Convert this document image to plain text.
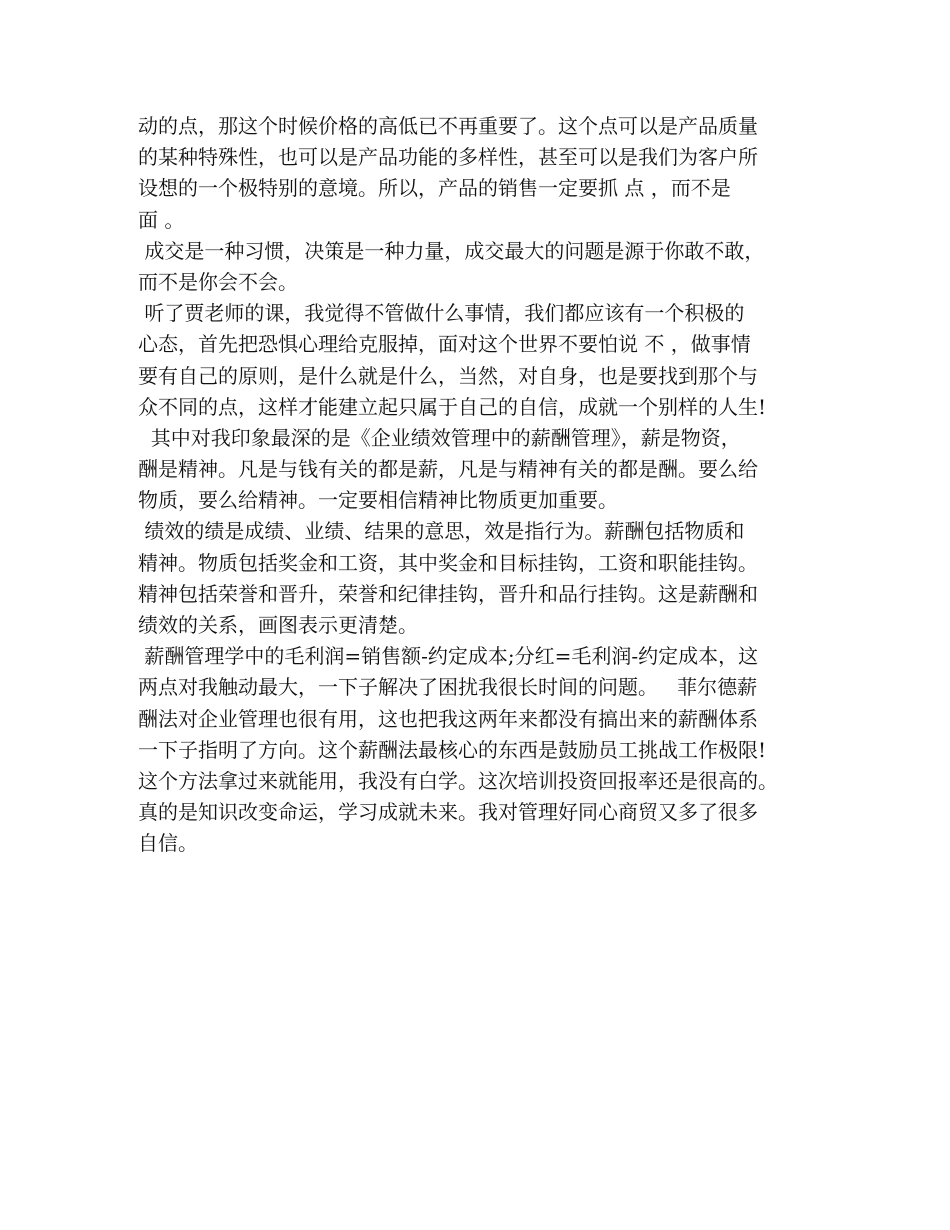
动的点，那这个时候价格的高低已不再重要了。这个点可以是产品质量
的某种特殊性，也可以是产品功能的多样性，甚至可以是我们为客户所
设想的一个极特别的意境。所以，产品的销售一定要抓 点 ，而不是
面 。
成交是一种习惯，决策是一种力量，成交最大的问题是源于你敢不敢，
而不是你会不会。
听了贾老师的课，我觉得不管做什么事情，我们都应该有一个积极的
心态，首先把恐惧心理给克服掉，面对这个世界不要怕说 不 ，做事情
要有自己的原则，是什么就是什么，当然，对自身，也是要找到那个与
众不同的点，这样才能建立起只属于自己的自信，成就一个别样的人生!
其中对我印象最深的是《企业绩效管理中的薪酬管理》，薪是物资，
酬是精神。凡是与钱有关的都是薪，凡是与精神有关的都是酬。要么给
物质，要么给精神。一定要相信精神比物质更加重要。
绩效的绩是成绩、业绩、结果的意思，效是指行为。薪酬包括物质和
精神。物质包括奖金和工资，其中奖金和目标挂钩，工资和职能挂钩。
精神包括荣誉和晋升，荣誉和纪律挂钩，晋升和品行挂钩。这是薪酬和
绩效的关系，画图表示更清楚。
薪酬管理学中的毛利润=销售额-约定成本;分红=毛利润-约定成本，这
两点对我触动最大，一下子解决了困扰我很长时间的问题。   菲尔德薪
酬法对企业管理也很有用，这也把我这两年来都没有搞出来的薪酬体系
一下子指明了方向。这个薪酬法最核心的东西是鼓励员工挑战工作极限!
这个方法拿过来就能用，我没有白学。这次培训投资回报率还是很高的。
真的是知识改变命运，学习成就未来。我对管理好同心商贸又多了很多
自信。
